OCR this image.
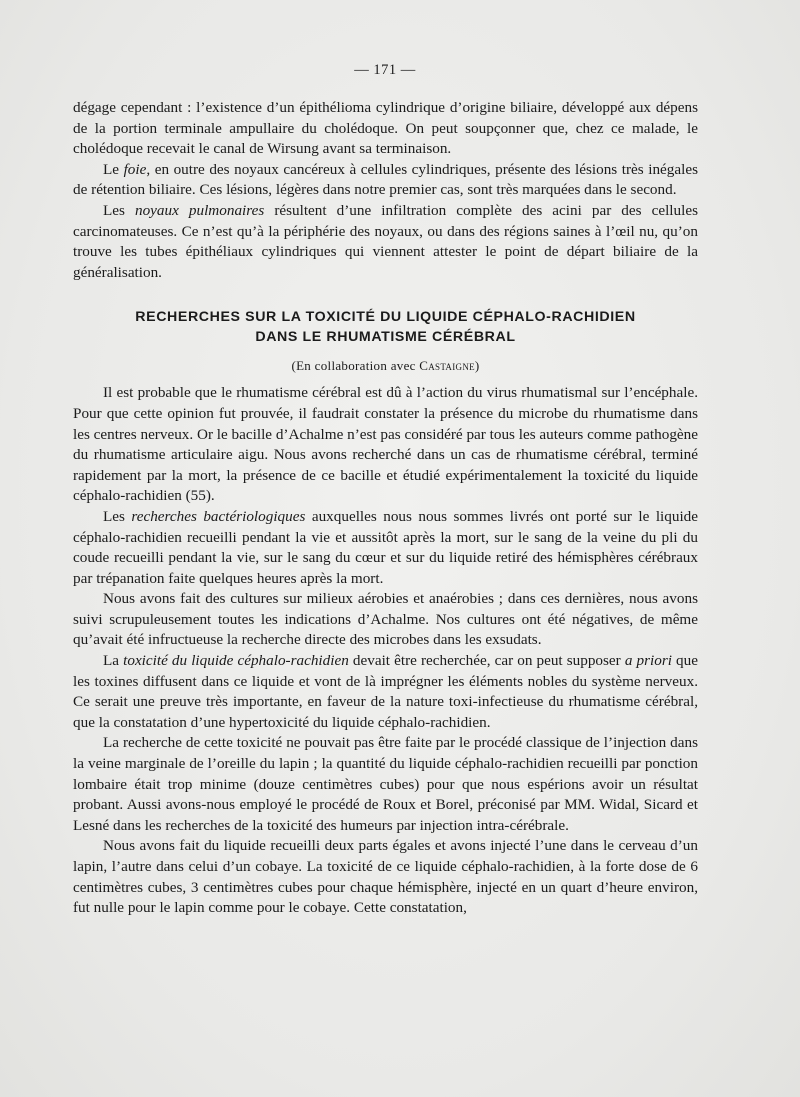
— 171 —

dégage cependant : l’existence d’un épithélioma cylindrique d’origine biliaire, développé aux dépens de la portion terminale ampullaire du cholédoque. On peut soupçonner que, chez ce malade, le cholédoque recevait le canal de Wirsung avant sa terminaison.

Le foie, en outre des noyaux cancéreux à cellules cylindriques, présente des lésions très inégales de rétention biliaire. Ces lésions, légères dans notre premier cas, sont très marquées dans le second.

Les noyaux pulmonaires résultent d’une infiltration complète des acini par des cellules carcinomateuses. Ce n’est qu’à la périphérie des noyaux, ou dans des régions saines à l’œil nu, qu’on trouve les tubes épithéliaux cylindriques qui viennent attester le point de départ biliaire de la généralisation.

RECHERCHES SUR LA TOXICITÉ DU LIQUIDE CÉPHALO-RACHIDIEN
DANS LE RHUMATISME CÉRÉBRAL
(En collaboration avec Castaigne)

Il est probable que le rhumatisme cérébral est dû à l’action du virus rhumatismal sur l’encéphale. Pour que cette opinion fut prouvée, il faudrait constater la présence du microbe du rhumatisme dans les centres nerveux. Or le bacille d’Achalme n’est pas considéré par tous les auteurs comme pathogène du rhumatisme articulaire aigu. Nous avons recherché dans un cas de rhumatisme cérébral, terminé rapidement par la mort, la présence de ce bacille et étudié expérimentalement la toxicité du liquide céphalo-rachidien (55).

Les recherches bactériologiques auxquelles nous nous sommes livrés ont porté sur le liquide céphalo-rachidien recueilli pendant la vie et aussitôt après la mort, sur le sang de la veine du pli du coude recueilli pendant la vie, sur le sang du cœur et sur du liquide retiré des hémisphères cérébraux par trépanation faite quelques heures après la mort.

Nous avons fait des cultures sur milieux aérobies et anaérobies ; dans ces dernières, nous avons suivi scrupuleusement toutes les indications d’Achalme. Nos cultures ont été négatives, de même qu’avait été infructueuse la recherche directe des microbes dans les exsudats.

La toxicité du liquide céphalo-rachidien devait être recherchée, car on peut supposer a priori que les toxines diffusent dans ce liquide et vont de là imprégner les éléments nobles du système nerveux. Ce serait une preuve très importante, en faveur de la nature toxi-infectieuse du rhumatisme cérébral, que la constatation d’une hypertoxicité du liquide céphalo-rachidien.

La recherche de cette toxicité ne pouvait pas être faite par le procédé classique de l’injection dans la veine marginale de l’oreille du lapin ; la quantité du liquide céphalo-rachidien recueilli par ponction lombaire était trop minime (douze centimètres cubes) pour que nous espérions avoir un résultat probant. Aussi avons-nous employé le procédé de Roux et Borel, préconisé par MM. Widal, Sicard et Lesné dans les recherches de la toxicité des humeurs par injection intra-cérébrale.

Nous avons fait du liquide recueilli deux parts égales et avons injecté l’une dans le cerveau d’un lapin, l’autre dans celui d’un cobaye. La toxicité de ce liquide céphalo-rachidien, à la forte dose de 6 centimètres cubes, 3 centimètres cubes pour chaque hémisphère, injecté en un quart d’heure environ, fut nulle pour le lapin comme pour le cobaye. Cette constatation,
